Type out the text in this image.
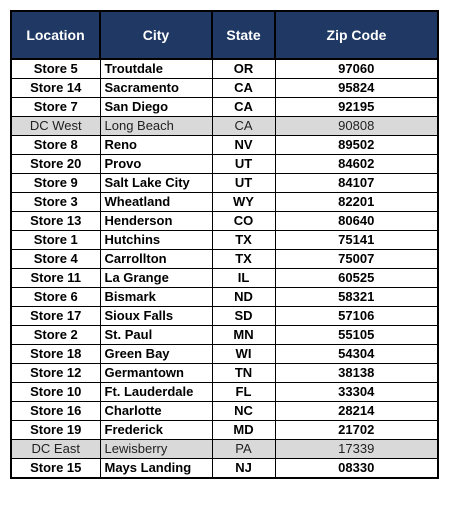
Location	City	State	Zip Code
Store 5	Troutdale	OR	97060
Store 14	Sacramento	CA	95824
Store 7	San Diego	CA	92195
DC West	Long Beach	CA	90808
Store 8	Reno	NV	89502
Store 20	Provo	UT	84602
Store 9	Salt Lake City	UT	84107
Store 3	Wheatland	WY	82201
Store 13	Henderson	CO	80640
Store 1	Hutchins	TX	75141
Store 4	Carrollton	TX	75007
Store 11	La Grange	IL	60525
Store 6	Bismark	ND	58321
Store 17	Sioux Falls	SD	57106
Store 2	St. Paul	MN	55105
Store 18	Green Bay	WI	54304
Store 12	Germantown	TN	38138
Store 10	Ft. Lauderdale	FL	33304
Store 16	Charlotte	NC	28214
Store 19	Frederick	MD	21702
DC East	Lewisberry	PA	17339
Store 15	Mays Landing	NJ	08330
